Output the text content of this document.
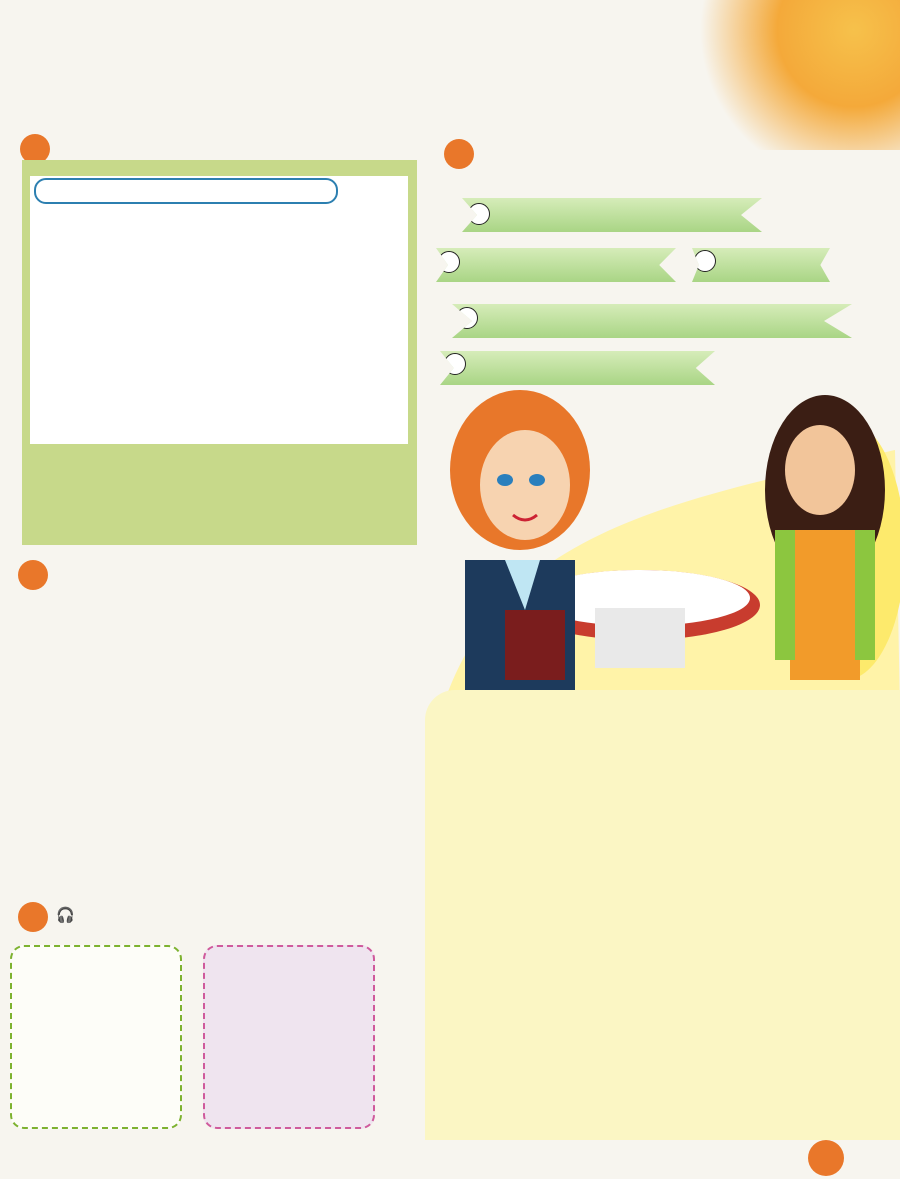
🎧
